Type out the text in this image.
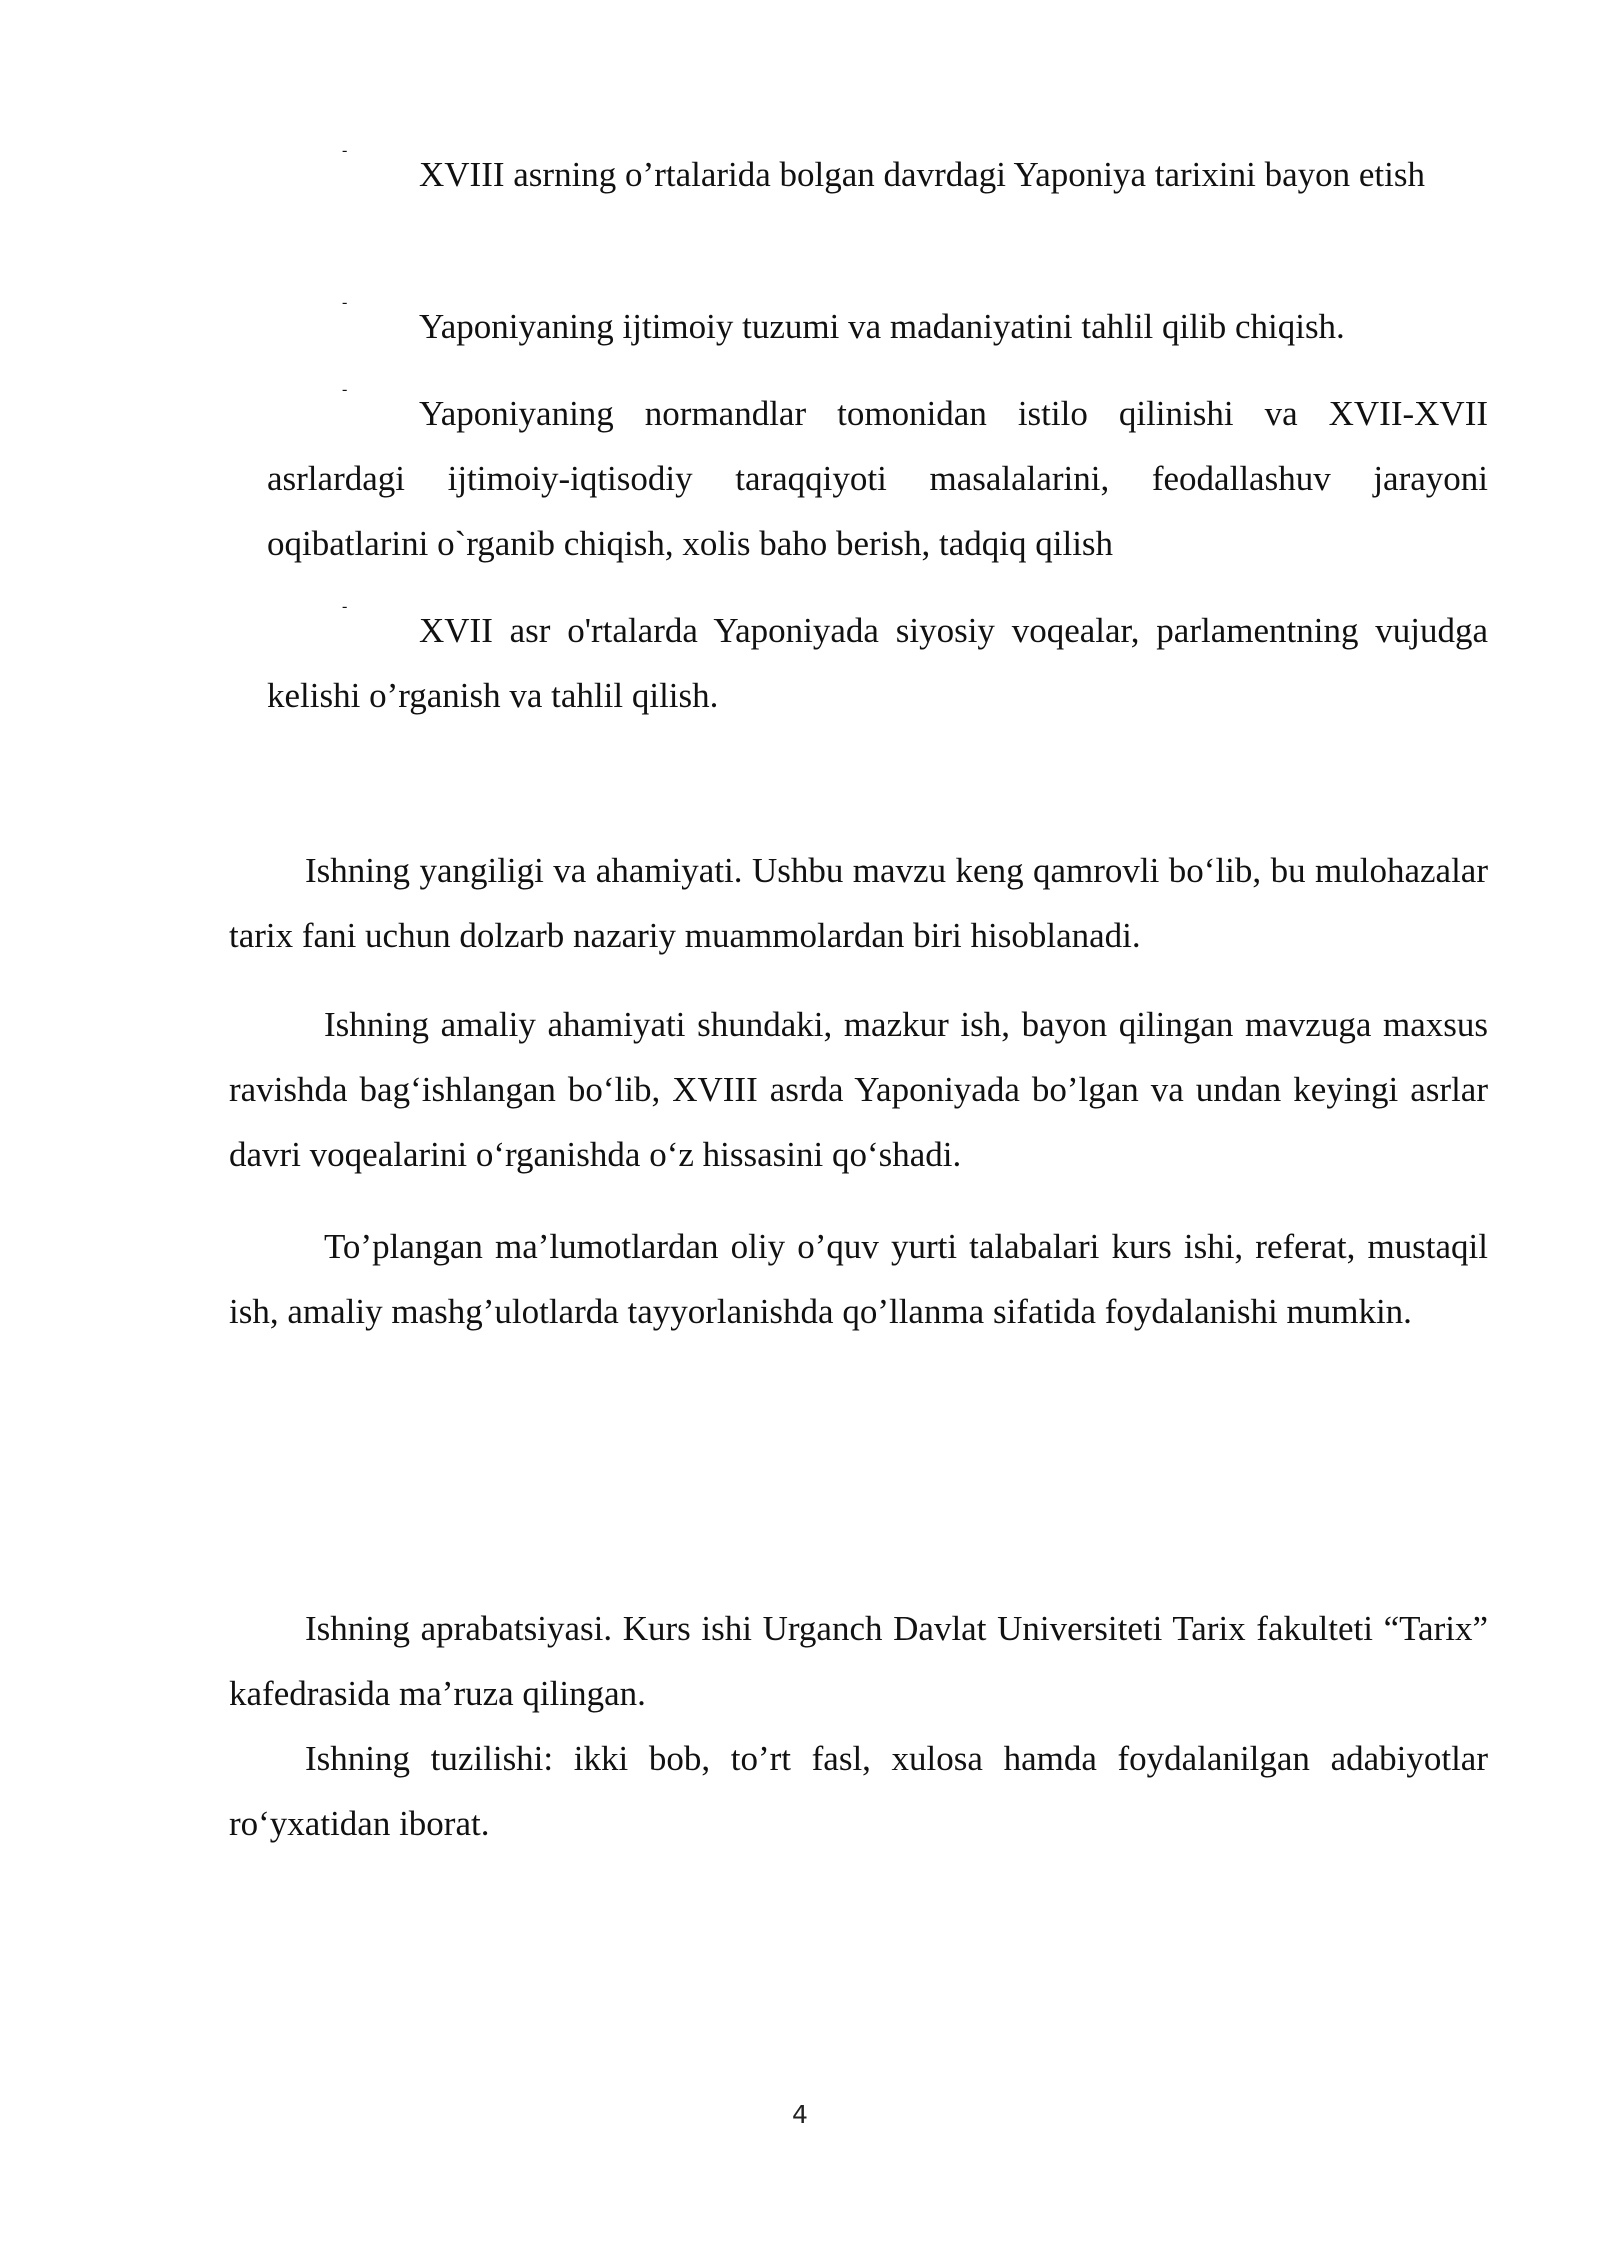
-
XVIII asrning o’rtalarida bolgan davrdagi Yaponiya tarixini bayon etish
-
Yaponiyaning ijtimoiy tuzumi va madaniyatini tahlil qilib chiqish.
-
Yaponiyaning normandlar tomonidan istilo qilinishi va XVII-XVII asrlardagi ijtimoiy-iqtisodiy taraqqiyoti masalalarini, feodallashuv jarayoni oqibatlarini o`rganib chiqish, xolis baho berish, tadqiq qilish
-
XVII asr o'rtalarda Yaponiyada siyosiy voqealar, parlamentning vujudga kelishi o’rganish va tahlil qilish.

Ishning yangiligi va ahamiyati. Ushbu mavzu keng qamrovli bo‘lib, bu mulohazalar tarix fani uchun dolzarb nazariy muammolardan biri hisoblanadi.

Ishning amaliy ahamiyati shundaki, mazkur ish, bayon qilingan mavzuga maxsus ravishda bag‘ishlangan bo‘lib, XVIII asrda Yaponiyada bo’lgan va undan keyingi asrlar davri voqealarini o‘rganishda o‘z hissasini qo‘shadi.

To’plangan ma’lumotlardan oliy o’quv yurti talabalari kurs ishi, referat, mustaqil ish, amaliy mashg’ulotlarda tayyorlanishda qo’llanma sifatida foydalanishi mumkin.

Ishning aprabatsiyasi. Kurs ishi Urganch Davlat Universiteti Tarix fakulteti “Tarix” kafedrasida ma’ruza qilingan.

Ishning tuzilishi: ikki bob, to’rt fasl, xulosa hamda foydalanilgan adabiyotlar ro‘yxatidan iborat.

4
